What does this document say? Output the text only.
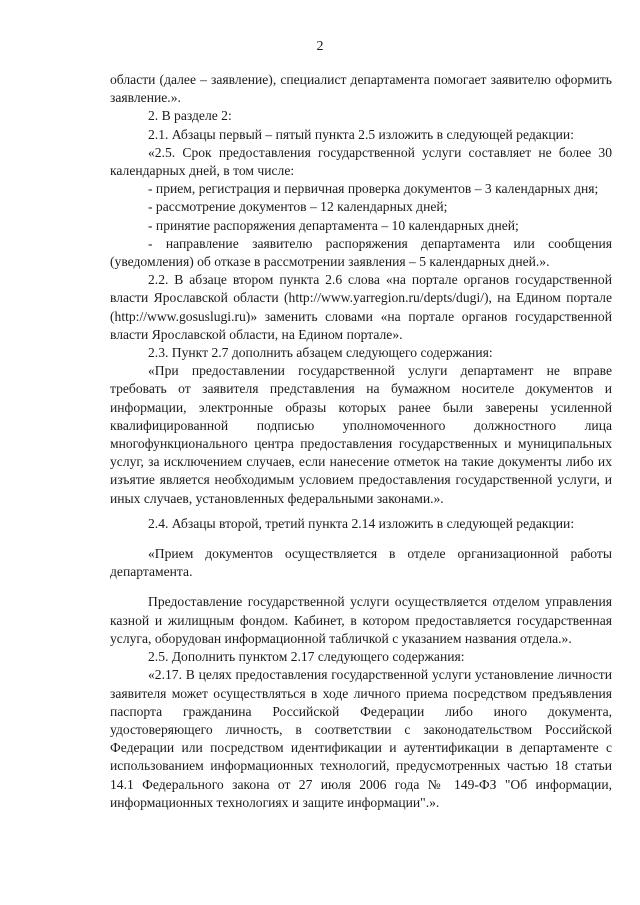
2

области (далее – заявление), специалист департамента помогает заявителю оформить заявление.».

2. В разделе 2:

2.1. Абзацы первый – пятый пункта 2.5 изложить в следующей редакции:

«2.5. Срок предоставления государственной услуги составляет не более 30 календарных дней, в том числе:

- прием, регистрация и первичная проверка документов – 3 календарных дня;

- рассмотрение документов – 12 календарных дней;

- принятие распоряжения департамента – 10 календарных дней;

- направление заявителю распоряжения департамента или сообщения (уведомления) об отказе в рассмотрении заявления – 5 календарных дней.».

2.2. В абзаце втором пункта 2.6 слова «на портале органов государственной власти Ярославской области (http://www.yarregion.ru/depts/dugi/), на Едином портале (http://www.gosuslugi.ru)» заменить словами «на портале органов государственной власти Ярославской области, на Едином портале».

2.3. Пункт 2.7 дополнить абзацем следующего содержания:

«При предоставлении государственной услуги департамент не вправе требовать от заявителя представления на бумажном носителе документов и информации, электронные образы которых ранее были заверены усиленной квалифицированной подписью уполномоченного должностного лица многофункционального центра предоставления государственных и муниципальных услуг, за исключением случаев, если нанесение отметок на такие документы либо их изъятие является необходимым условием предоставления государственной услуги, и иных случаев, установленных федеральными законами.».

2.4. Абзацы второй, третий пункта 2.14 изложить в следующей редакции:

«Прием документов осуществляется в отделе организационной работы департамента.

Предоставление государственной услуги осуществляется отделом управления казной и жилищным фондом. Кабинет, в котором предоставляется государственная услуга, оборудован информационной табличкой с указанием названия отдела.».

2.5. Дополнить пунктом 2.17 следующего содержания:

«2.17. В целях предоставления государственной услуги установление личности заявителя может осуществляться в ходе личного приема посредством предъявления паспорта гражданина Российской Федерации либо иного документа, удостоверяющего личность, в соответствии с законодательством Российской Федерации или посредством идентификации и аутентификации в департаменте с использованием информационных технологий, предусмотренных частью 18 статьи 14.1 Федерального закона от 27 июля 2006 года № 149-ФЗ "Об информации, информационных технологиях и защите информации".».
